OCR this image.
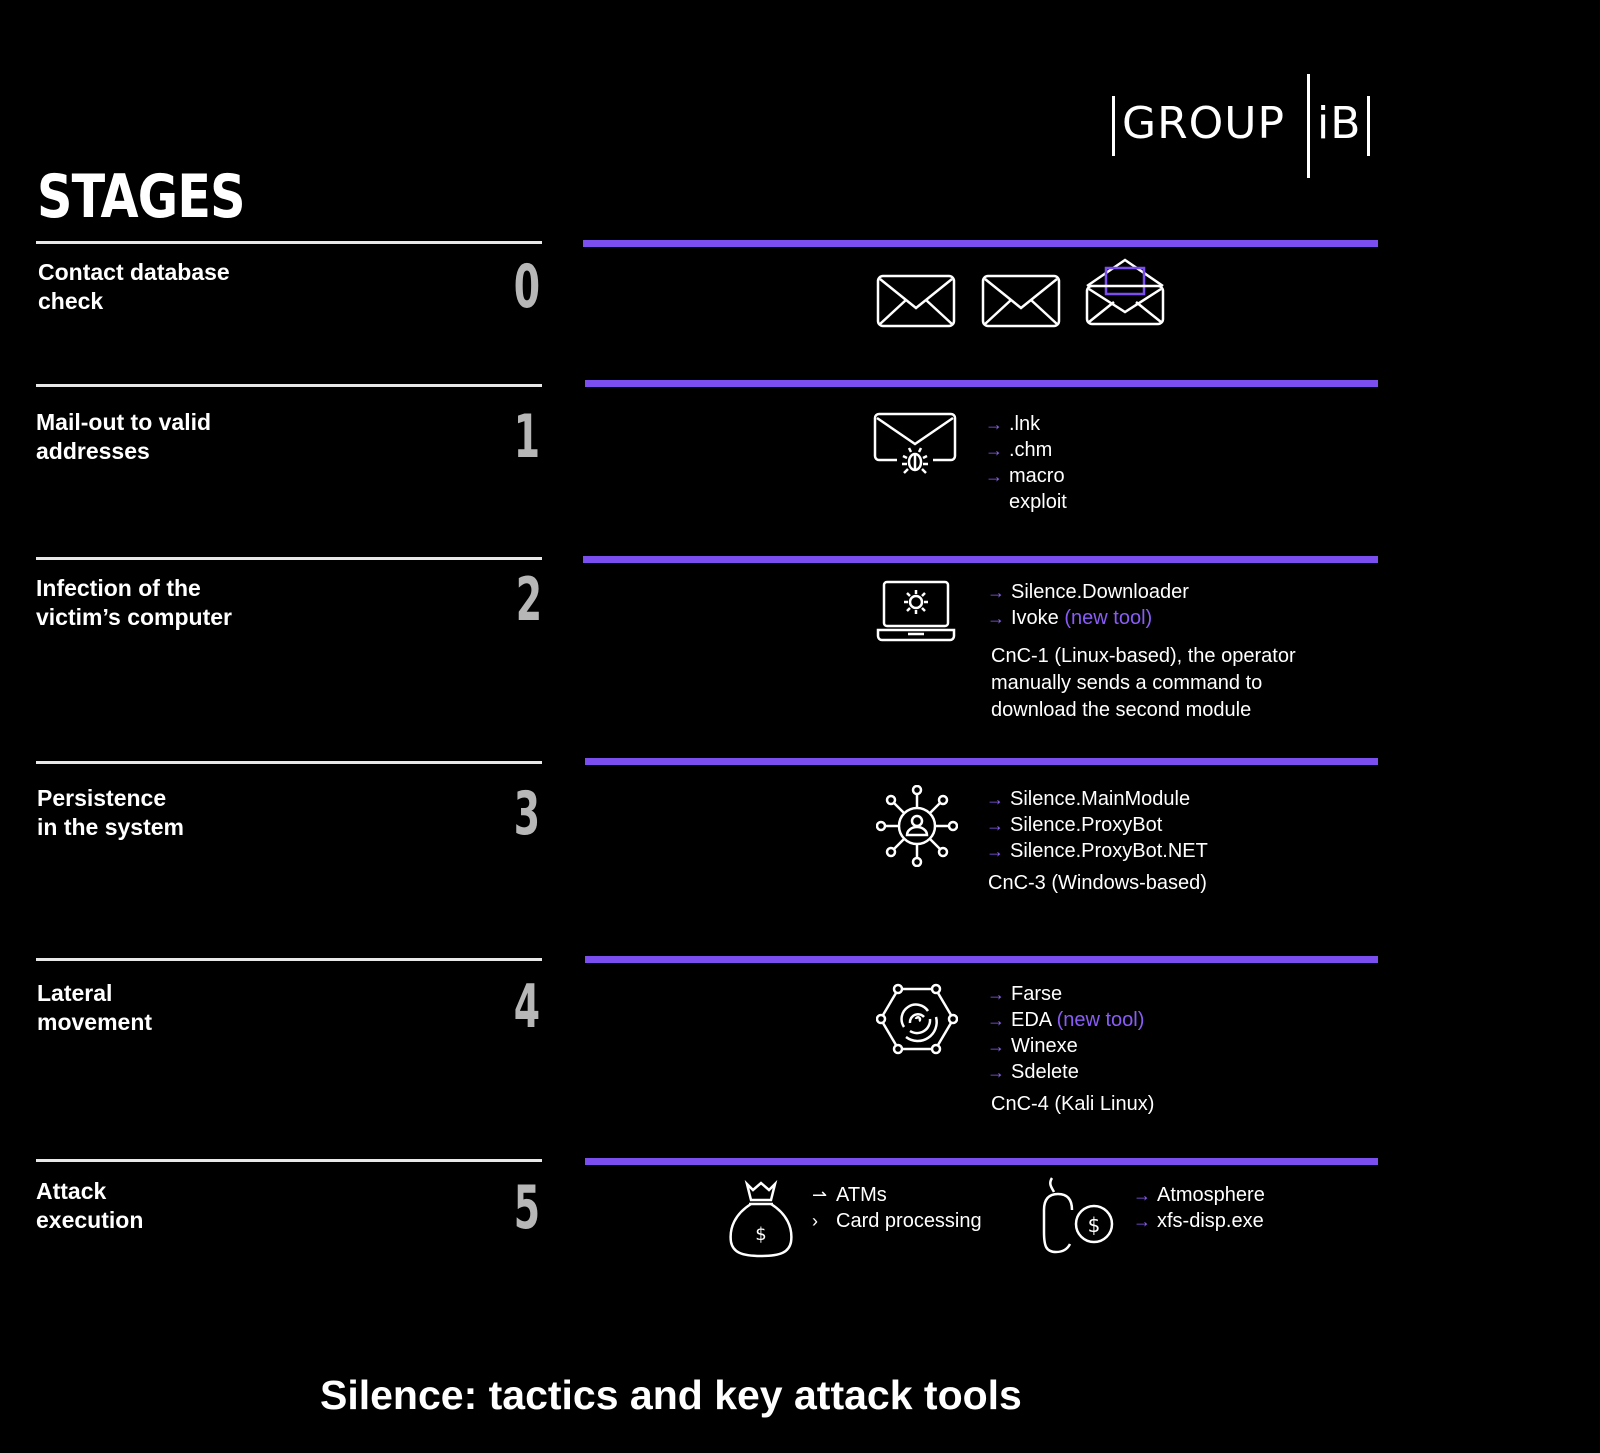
GROUP iB
STAGES
Contact database
check
Mail-out to valid
addresses
Infection of the
victim’s computer
Persistence
in the system
Lateral
movement
Attack
execution
0
1
2
3
4
5
→ .lnk
→ .chm
→ macro
exploit
→ Silence.Downloader
→ Ivoke (new tool)
CnC-1 (Linux-based), the operator
manually sends a command to
download the second module
→ Silence.MainModule
→ Silence.ProxyBot
→ Silence.ProxyBot.NET
CnC-3 (Windows-based)
→ Farse
→ EDA (new tool)
→ Winexe
→ Sdelete
CnC-4 (Kali Linux)
$
⇀ ATMs
› Card processing	$
→ Atmosphere
→ xfs-disp.exe
Silence: tactics and key attack tools
